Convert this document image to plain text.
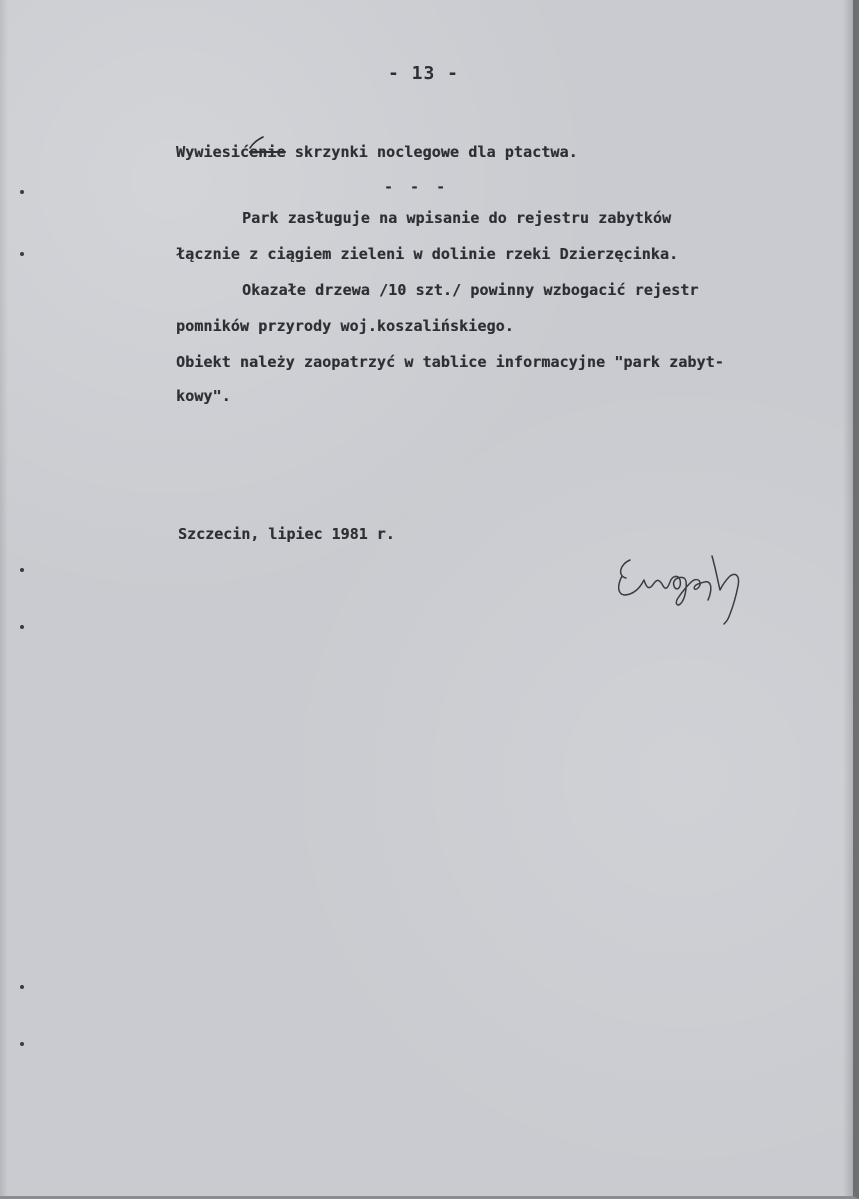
- 13 -
Wywiesićenie skrzynki noclegowe dla ptactwa.
- - -
Park zasługuje na wpisanie do rejestru zabytków
łącznie z ciągiem zieleni w dolinie rzeki Dzierzęcinka.
Okazałe drzewa /10 szt./ powinny wzbogacić rejestr
pomników przyrody woj.koszalińskiego.
Obiekt należy zaopatrzyć w tablice informacyjne "park zabyt-
kowy".
Szczecin, lipiec 1981 r.
